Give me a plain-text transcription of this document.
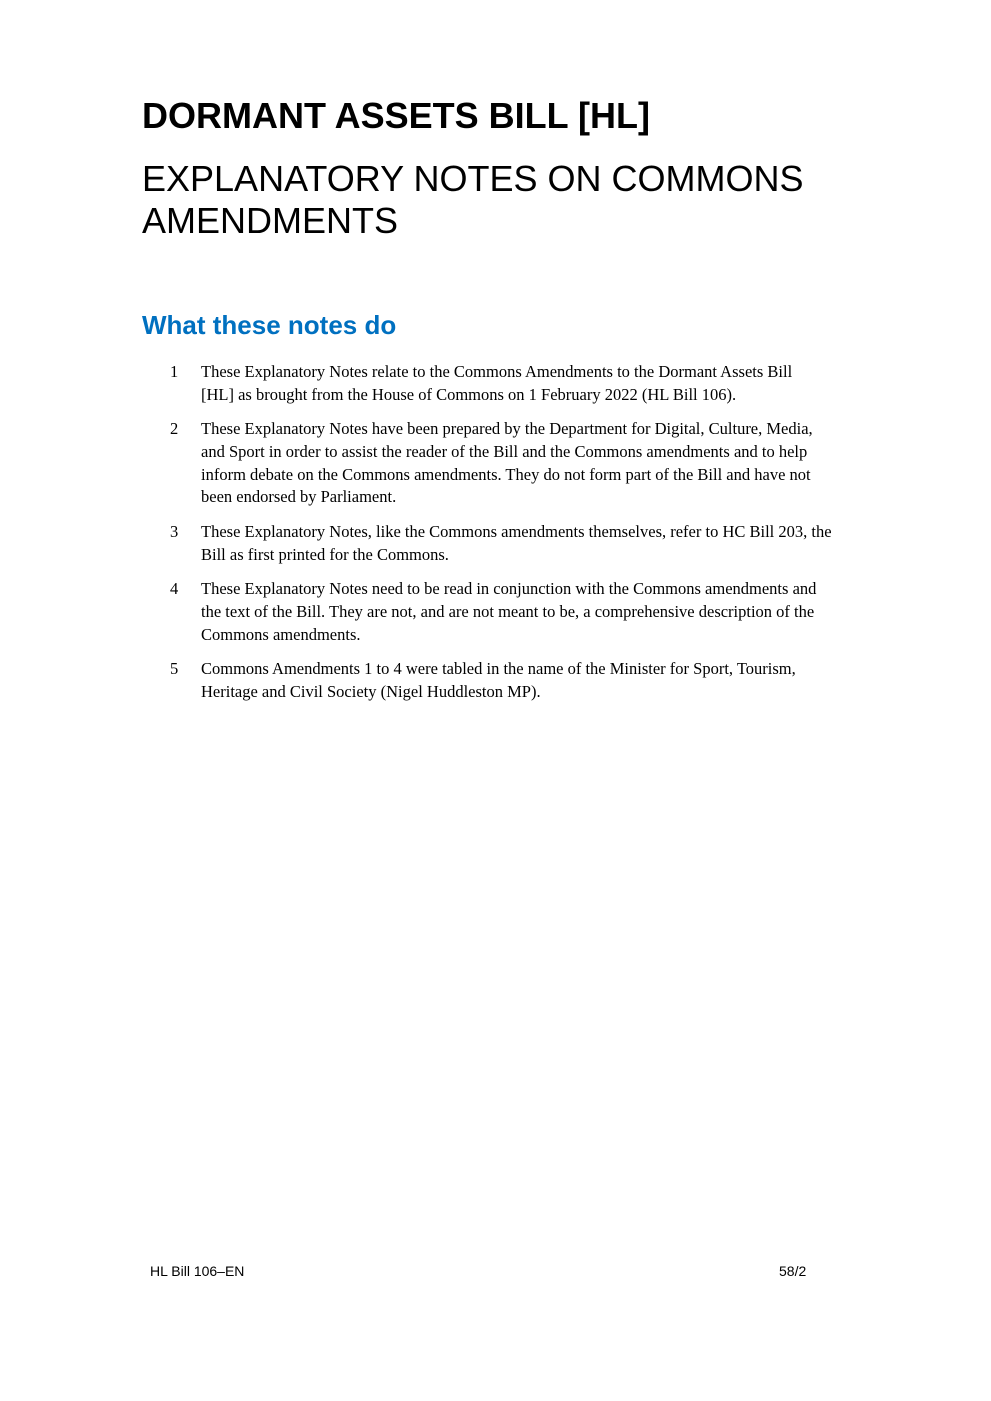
DORMANT ASSETS BILL [HL]
EXPLANATORY NOTES ON COMMONS
AMENDMENTS
What these notes do
1 These Explanatory Notes relate to the Commons Amendments to the Dormant Assets Bill
[HL] as brought from the House of Commons on 1 February 2022 (HL Bill 106).
2 These Explanatory Notes have been prepared by the Department for Digital, Culture, Media,
and Sport in order to assist the reader of the Bill and the Commons amendments and to help
inform debate on the Commons amendments. They do not form part of the Bill and have not
been endorsed by Parliament.
3 These Explanatory Notes, like the Commons amendments themselves, refer to HC Bill 203, the
Bill as first printed for the Commons.
4 These Explanatory Notes need to be read in conjunction with the Commons amendments and
the text of the Bill. They are not, and are not meant to be, a comprehensive description of the
Commons amendments.
5 Commons Amendments 1 to 4 were tabled in the name of the Minister for Sport, Tourism,
Heritage and Civil Society (Nigel Huddleston MP).
HL Bill 106–EN	58/2
